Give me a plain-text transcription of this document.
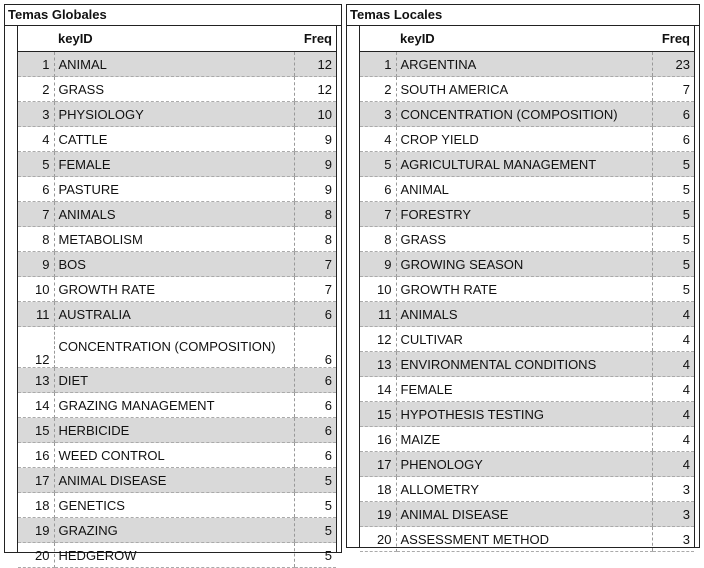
Temas Globales
	keyID	Freq
1	ANIMAL	12
2	GRASS	12
3	PHYSIOLOGY	10
4	CATTLE	9
5	FEMALE	9
6	PASTURE	9
7	ANIMALS	8
8	METABOLISM	8
9	BOS	7
10	GROWTH RATE	7
11	AUSTRALIA	6
12	CONCENTRATION (COMPOSITION)	6
13	DIET	6
14	GRAZING MANAGEMENT	6
15	HERBICIDE	6
16	WEED CONTROL	6
17	ANIMAL DISEASE	5
18	GENETICS	5
19	GRAZING	5
20	HEDGEROW	5
Temas Locales
	keyID	Freq
1	ARGENTINA	23
2	SOUTH AMERICA	7
3	CONCENTRATION (COMPOSITION)	6
4	CROP YIELD	6
5	AGRICULTURAL MANAGEMENT	5
6	ANIMAL	5
7	FORESTRY	5
8	GRASS	5
9	GROWING SEASON	5
10	GROWTH RATE	5
11	ANIMALS	4
12	CULTIVAR	4
13	ENVIRONMENTAL CONDITIONS	4
14	FEMALE	4
15	HYPOTHESIS TESTING	4
16	MAIZE	4
17	PHENOLOGY	4
18	ALLOMETRY	3
19	ANIMAL DISEASE	3
20	ASSESSMENT METHOD	3
